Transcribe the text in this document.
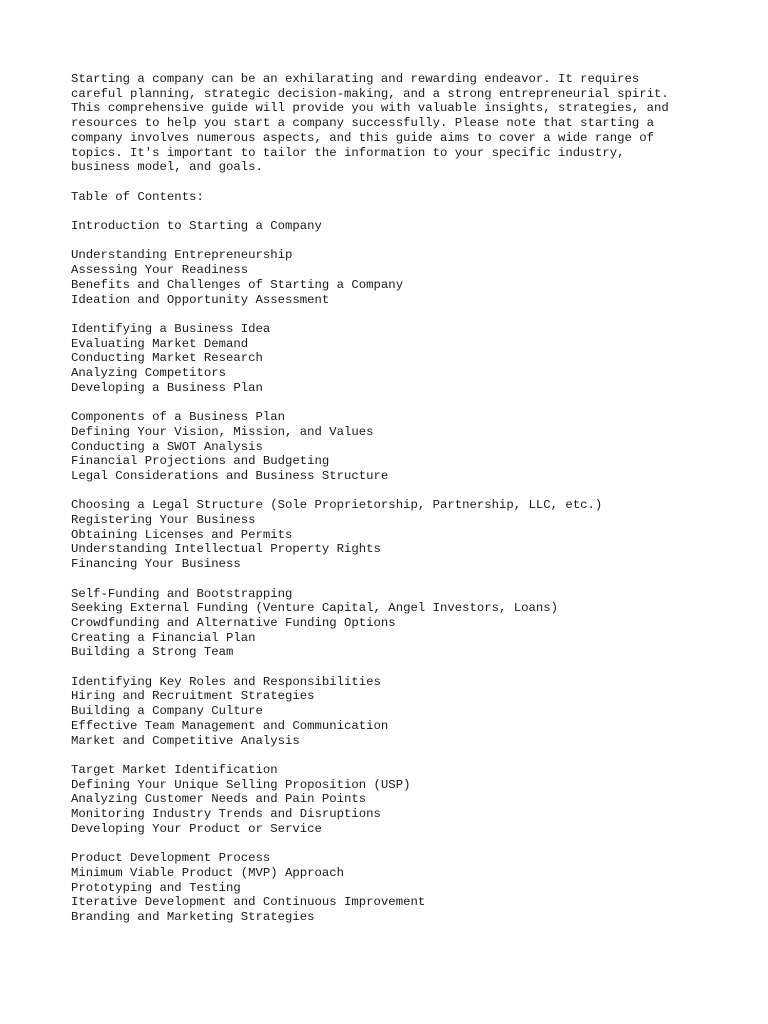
Starting a company can be an exhilarating and rewarding endeavor. It requires
careful planning, strategic decision-making, and a strong entrepreneurial spirit.
This comprehensive guide will provide you with valuable insights, strategies, and
resources to help you start a company successfully. Please note that starting a
company involves numerous aspects, and this guide aims to cover a wide range of
topics. It's important to tailor the information to your specific industry,
business model, and goals.
Table of Contents:
Introduction to Starting a Company
Understanding Entrepreneurship
Assessing Your Readiness
Benefits and Challenges of Starting a Company
Ideation and Opportunity Assessment
Identifying a Business Idea
Evaluating Market Demand
Conducting Market Research
Analyzing Competitors
Developing a Business Plan
Components of a Business Plan
Defining Your Vision, Mission, and Values
Conducting a SWOT Analysis
Financial Projections and Budgeting
Legal Considerations and Business Structure
Choosing a Legal Structure (Sole Proprietorship, Partnership, LLC, etc.)
Registering Your Business
Obtaining Licenses and Permits
Understanding Intellectual Property Rights
Financing Your Business
Self-Funding and Bootstrapping
Seeking External Funding (Venture Capital, Angel Investors, Loans)
Crowdfunding and Alternative Funding Options
Creating a Financial Plan
Building a Strong Team
Identifying Key Roles and Responsibilities
Hiring and Recruitment Strategies
Building a Company Culture
Effective Team Management and Communication
Market and Competitive Analysis
Target Market Identification
Defining Your Unique Selling Proposition (USP)
Analyzing Customer Needs and Pain Points
Monitoring Industry Trends and Disruptions
Developing Your Product or Service
Product Development Process
Minimum Viable Product (MVP) Approach
Prototyping and Testing
Iterative Development and Continuous Improvement
Branding and Marketing Strategies
